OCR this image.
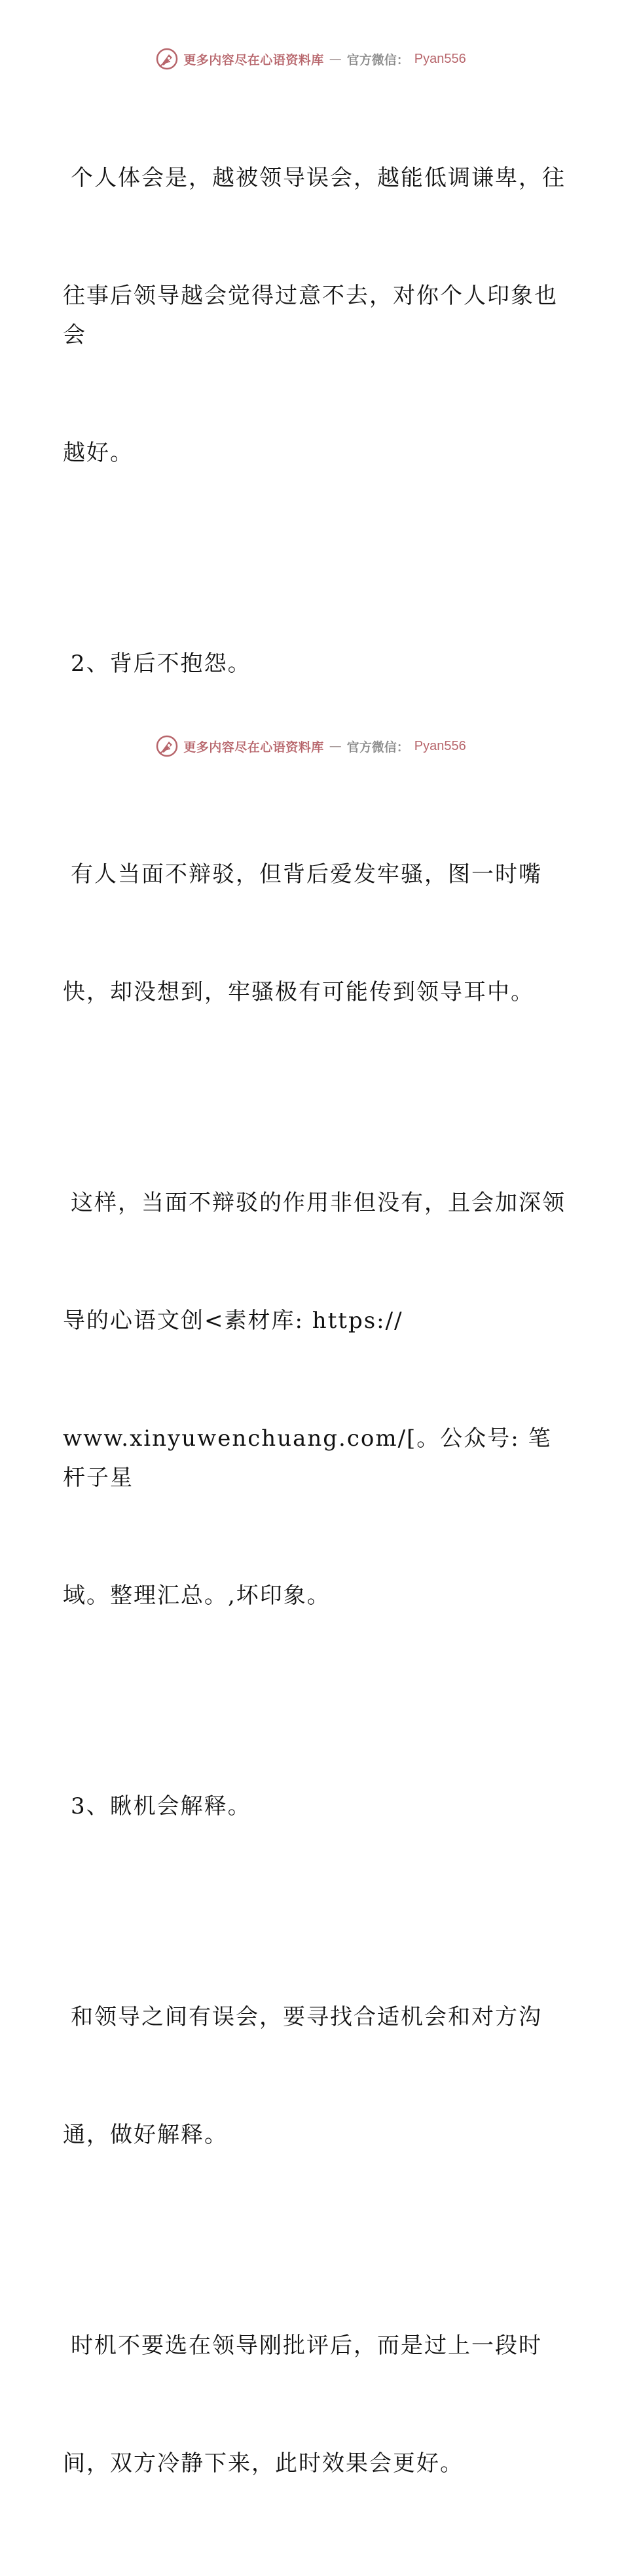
更多内容尽在心语资料库 — 官方微信： Pyan556

个人体会是，越被领导误会，越能低调谦卑，往

往事后领导越会觉得过意不去，对你个人印象也会

越好。

2、背后不抱怨。

有人当面不辩驳，但背后爱发牢骚，图一时嘴

快，却没想到，牢骚极有可能传到领导耳中。

这样，当面不辩驳的作用非但没有，且会加深领

导的心语文创<素材库: https://

www.xinyuwenchuang.com/[。公众号: 笔杆子星

域。整理汇总。,坏印象。

3、瞅机会解释。

和领导之间有误会，要寻找合适机会和对方沟

通，做好解释。

时机不要选在领导刚批评后，而是过上一段时

间，双方冷静下来，此时效果会更好。

更多内容尽在心语资料库 — 官方微信： Pyan556
